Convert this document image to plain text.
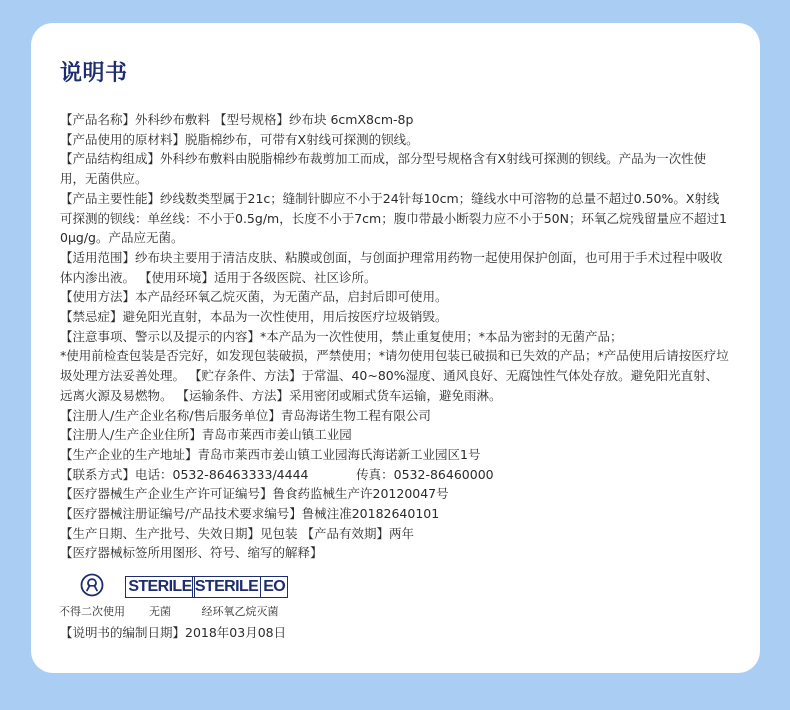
说明书

【产品名称】外科纱布敷料 【型号规格】纱布块 6cmX8cm-8p

【产品使用的原材料】脱脂棉纱布，可带有X射线可探测的钡线。

【产品结构组成】外科纱布敷料由脱脂棉纱布裁剪加工而成，部分型号规格含有X射线可探测的钡线。产品为一次性使用，无菌供应。

【产品主要性能】纱线数类型属于21c；缝制针脚应不小于24针每10cm；缝线水中可溶物的总量不超过0.50%。X射线可探测的钡线：单丝线：不小于0.5g/m，长度不小于7cm；腹巾带最小断裂力应不小于50N；环氧乙烷残留量应不超过10μg/g。产品应无菌。

【适用范围】纱布块主要用于清洁皮肤、粘膜或创面，与创面护理常用药物一起使用保护创面，也可用于手术过程中吸收体内渗出液。 【使用环境】适用于各级医院、社区诊所。

【使用方法】本产品经环氧乙烷灭菌，为无菌产品，启封后即可使用。

【禁忌症】避免阳光直射，本品为一次性使用，用后按医疗垃圾销毁。

【注意事项、警示以及提示的内容】*本产品为一次性使用，禁止重复使用；*本品为密封的无菌产品；

*使用前检查包装是否完好，如发现包装破损，严禁使用；*请勿使用包装已破损和已失效的产品；*产品使用后请按医疗垃圾处理方法妥善处理。 【贮存条件、方法】于常温、40~80%湿度、通风良好、无腐蚀性气体处存放。避免阳光直射、远离火源及易燃物。 【运输条件、方法】采用密闭或厢式货车运输，避免雨淋。

【注册人/生产企业名称/售后服务单位】青岛海诺生物工程有限公司

【注册人/生产企业住所】青岛市莱西市姜山镇工业园

【生产企业的生产地址】青岛市莱西市姜山镇工业园海氏海诺新工业园区1号

【联系方式】电话：0532-86463333/4444            传真：0532-86460000

【医疗器械生产企业生产许可证编号】鲁食药监械生产许20120047号

【医疗器械注册证编号/产品技术要求编号】鲁械注准20182640101

【生产日期、生产批号、失效日期】见包装 【产品有效期】两年

【医疗器械标签所用图形、符号、缩写的解释】

不得二次使用
STERILE
无菌
STERILE EO
经环氧乙烷灭菌

【说明书的编制日期】2018年03月08日
